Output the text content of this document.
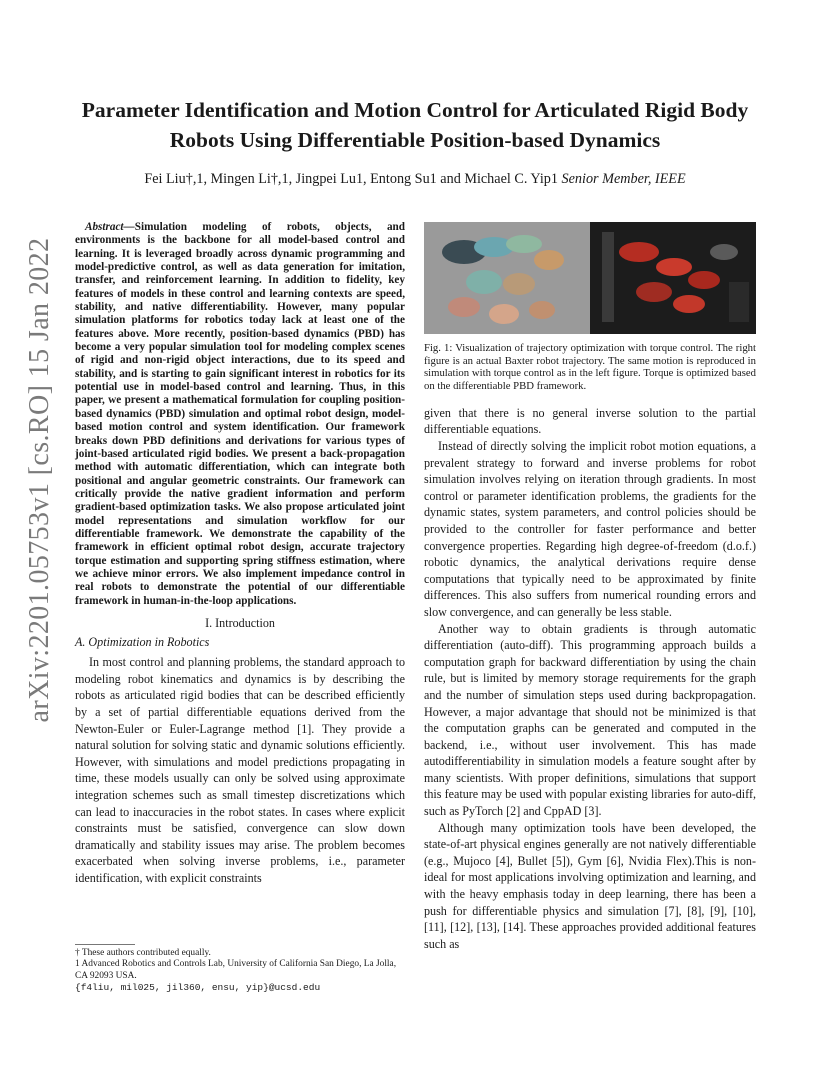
arXiv:2201.05753v1 [cs.RO] 15 Jan 2022
Parameter Identification and Motion Control for Articulated Rigid Body Robots Using Differentiable Position-based Dynamics
Fei Liu†,1, Mingen Li†,1, Jingpei Lu1, Entong Su1 and Michael C. Yip1 Senior Member, IEEE

Abstract—Simulation modeling of robots, objects, and environments is the backbone for all model-based control and learning. It is leveraged broadly across dynamic programming and model-predictive control, as well as data generation for imitation, transfer, and reinforcement learning. In addition to fidelity, key features of models in these control and learning contexts are speed, stability, and native differentiability. However, many popular simulation platforms for robotics today lack at least one of the features above. More recently, position-based dynamics (PBD) has become a very popular simulation tool for modeling complex scenes of rigid and non-rigid object interactions, due to its speed and stability, and is starting to gain significant interest in robotics for its potential use in model-based control and learning. Thus, in this paper, we present a mathematical formulation for coupling position-based dynamics (PBD) simulation and optimal robot design, model-based motion control and system identification. Our framework breaks down PBD definitions and derivations for various types of joint-based articulated rigid bodies. We present a back-propagation method with automatic differentiation, which can integrate both positional and angular geometric constraints. Our framework can critically provide the native gradient information and perform gradient-based optimization tasks. We also propose articulated joint model representations and simulation workflow for our differentiable framework. We demonstrate the capability of the framework in efficient optimal robot design, accurate trajectory torque estimation and supporting spring stiffness estimation, where we achieve minor errors. We also implement impedance control in real robots to demonstrate the potential of our differentiable framework in human-in-the-loop applications.

I. Introduction
A. Optimization in Robotics

In most control and planning problems, the standard approach to modeling robot kinematics and dynamics is by describing the robots as articulated rigid bodies that can be described efficiently by a set of partial differentiable equations derived from the Newton-Euler or Euler-Lagrange method [1]. They provide a natural solution for solving static and dynamic solutions efficiently. However, with simulations and model predictions propagating in time, these models usually can only be solved using approximate integration schemes such as small timestep discretizations which can lead to inaccuracies in the robot states. In cases where explicit constraints must be satisfied, convergence can slow down dramatically and stability issues may arise. The problem becomes exacerbated when solving inverse problems, i.e., parameter identification, with explicit constraints

† These authors contributed equally.
1 Advanced Robotics and Controls Lab, University of California San Diego, La Jolla, CA 92093 USA.
{f4liu, mil025, jil360, ensu, yip}@ucsd.edu

Fig. 1: Visualization of trajectory optimization with torque control. The right figure is an actual Baxter robot trajectory. The same motion is reproduced in simulation with torque control as in the left figure. Torque is optimized based on the differentiable PBD framework.

given that there is no general inverse solution to the partial differentiable equations.

Instead of directly solving the implicit robot motion equations, a prevalent strategy to forward and inverse problems for robot simulation involves relying on iteration through gradients. In most control or parameter identification problems, the gradients for the dynamic states, system parameters, and control policies should be provided to the controller for faster performance and better convergence properties. Regarding high degree-of-freedom (d.o.f.) robotic dynamics, the analytical derivations require dense computations that typically need to be approximated by finite differences. This also suffers from numerical rounding errors and slow convergence, and can generally be less stable.

Another way to obtain gradients is through automatic differentiation (auto-diff). This programming approach builds a computation graph for backward differentiation by using the chain rule, but is limited by memory storage requirements for the graph and the number of simulation steps used during backpropagation. However, a major advantage that should not be minimized is that the computation graphs can be generated and computed in the backend, i.e., without user involvement. This has made autodifferentiability in simulation models a feature sought after by many scientists. With proper definitions, simulations that support this feature may be used with popular existing libraries for auto-diff, such as PyTorch [2] and CppAD [3].

Although many optimization tools have been developed, the state-of-art physical engines generally are not natively differentiable (e.g., Mujoco [4], Bullet [5]), Gym [6], Nvidia Flex).This is non-ideal for most applications involving optimization and learning, and with the heavy emphasis today in deep learning, there has been a push for differentiable physics and simulation [7], [8], [9], [10], [11], [12], [13], [14]. These approaches provided additional features such as
